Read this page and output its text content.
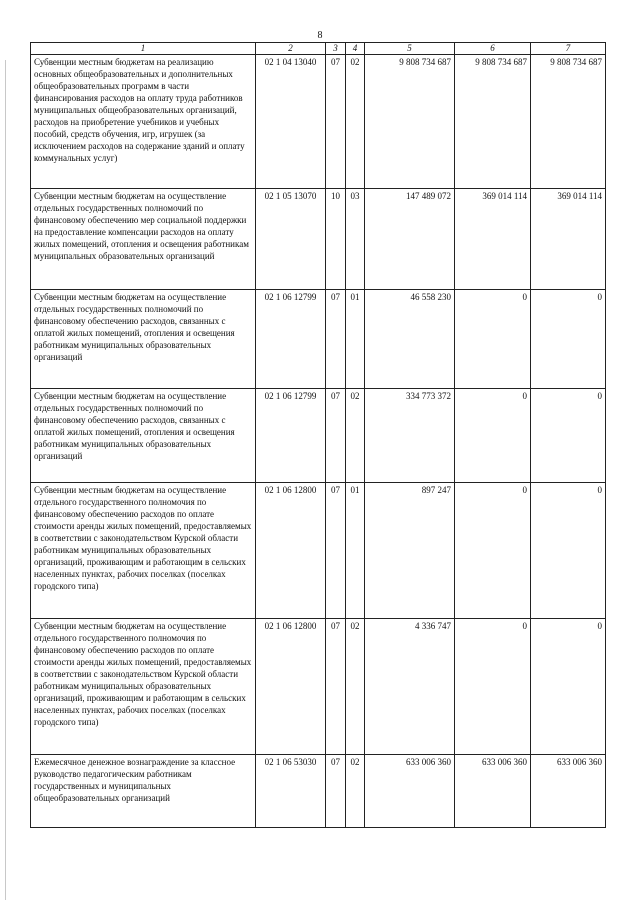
8
1	2	3	4	5	6	7
Субвенции местным бюджетам на реализацию основных общеобразовательных и дополнительных общеобразовательных программ в части финансирования расходов на оплату труда работников муниципальных общеобразовательных организаций, расходов на приобретение учебников и учебных пособий, средств обучения, игр, игрушек (за исключением расходов на содержание зданий и оплату коммунальных услуг)	02 1 04 13040	07	02	9 808 734 687	9 808 734 687	9 808 734 687
Субвенции местным бюджетам на осуществление отдельных государственных полномочий по финансовому обеспечению мер социальной поддержки на предоставление компенсации расходов на оплату жилых помещений, отопления и освещения работникам муниципальных образовательных организаций	02 1 05 13070	10	03	147 489 072	369 014 114	369 014 114
Субвенции местным бюджетам на осуществление отдельных государственных полномочий по финансовому обеспечению расходов, связанных с оплатой жилых помещений, отопления и освещения работникам муниципальных образовательных организаций	02 1 06 12799	07	01	46 558 230	0	0
Субвенции местным бюджетам на осуществление отдельных государственных полномочий по финансовому обеспечению расходов, связанных с оплатой жилых помещений, отопления и освещения работникам муниципальных образовательных организаций	02 1 06 12799	07	02	334 773 372	0	0
Субвенции местным бюджетам на осуществление отдельного государственного полномочия по финансовому обеспечению расходов по оплате стоимости аренды жилых помещений, предоставляемых в соответствии с законодательством Курской области работникам муниципальных образовательных организаций, проживающим и работающим в сельских населенных пунктах, рабочих поселках (поселках городского типа)	02 1 06 12800	07	01	897 247	0	0
Субвенции местным бюджетам на осуществление отдельного государственного полномочия по финансовому обеспечению расходов по оплате стоимости аренды жилых помещений, предоставляемых в соответствии с законодательством Курской области работникам муниципальных образовательных организаций, проживающим и работающим в сельских населенных пунктах, рабочих поселках (поселках городского типа)	02 1 06 12800	07	02	4 336 747	0	0
Ежемесячное денежное вознаграждение за классное руководство педагогическим работникам государственных и муниципальных общеобразовательных организаций	02 1 06 53030	07	02	633 006 360	633 006 360	633 006 360
